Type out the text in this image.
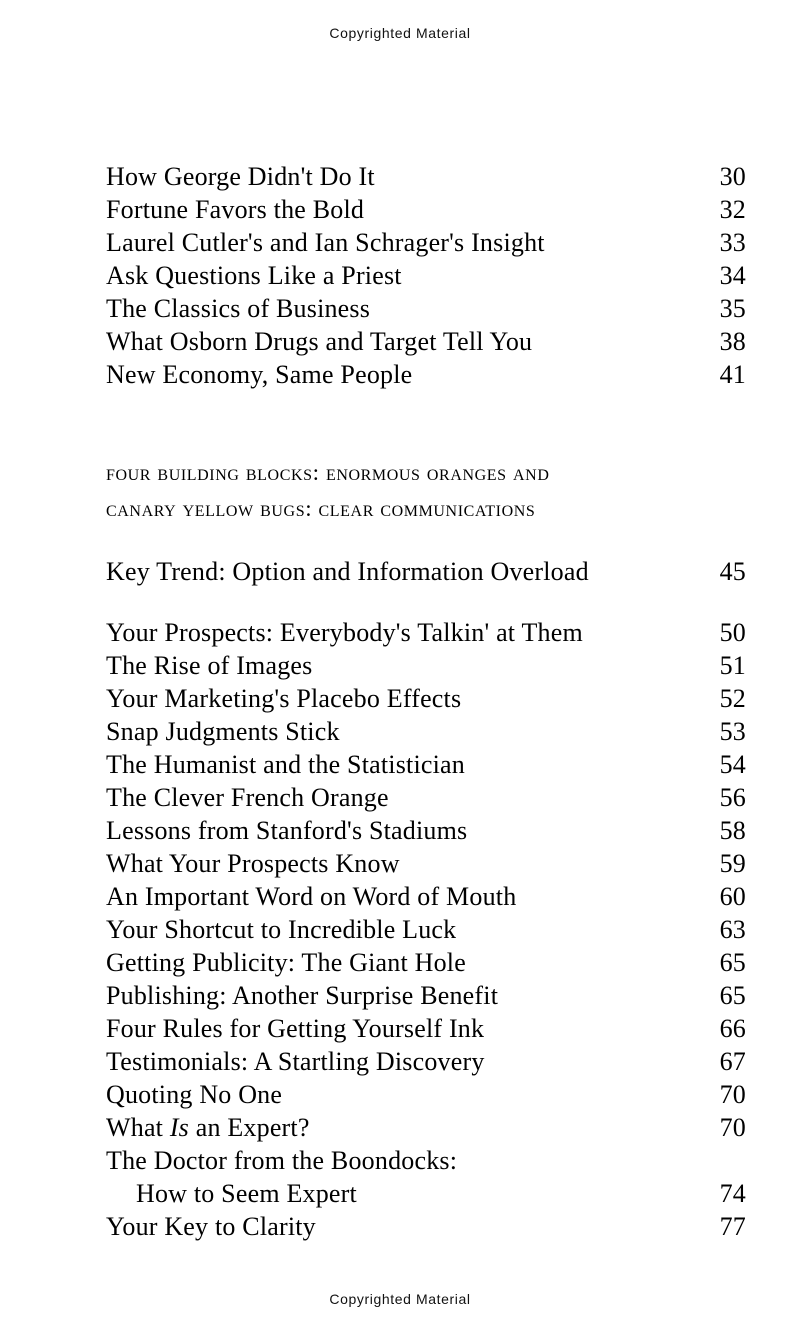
Copyrighted Material
How George Didn't Do It	30
Fortune Favors the Bold	32
Laurel Cutler's and Ian Schrager's Insight	33
Ask Questions Like a Priest	34
The Classics of Business	35
What Osborn Drugs and Target Tell You	38
New Economy, Same People	41
four building blocks: enormous oranges and
canary yellow bugs: clear communications
Key Trend: Option and Information Overload	45
Your Prospects: Everybody's Talkin' at Them	50
The Rise of Images	51
Your Marketing's Placebo Effects	52
Snap Judgments Stick	53
The Humanist and the Statistician	54
The Clever French Orange	56
Lessons from Stanford's Stadiums	58
What Your Prospects Know	59
An Important Word on Word of Mouth	60
Your Shortcut to Incredible Luck	63
Getting Publicity: The Giant Hole	65
Publishing: Another Surprise Benefit	65
Four Rules for Getting Yourself Ink	66
Testimonials: A Startling Discovery	67
Quoting No One	70
What Is an Expert?	70
The Doctor from the Boondocks:
How to Seem Expert	74
Your Key to Clarity	77
Copyrighted Material
